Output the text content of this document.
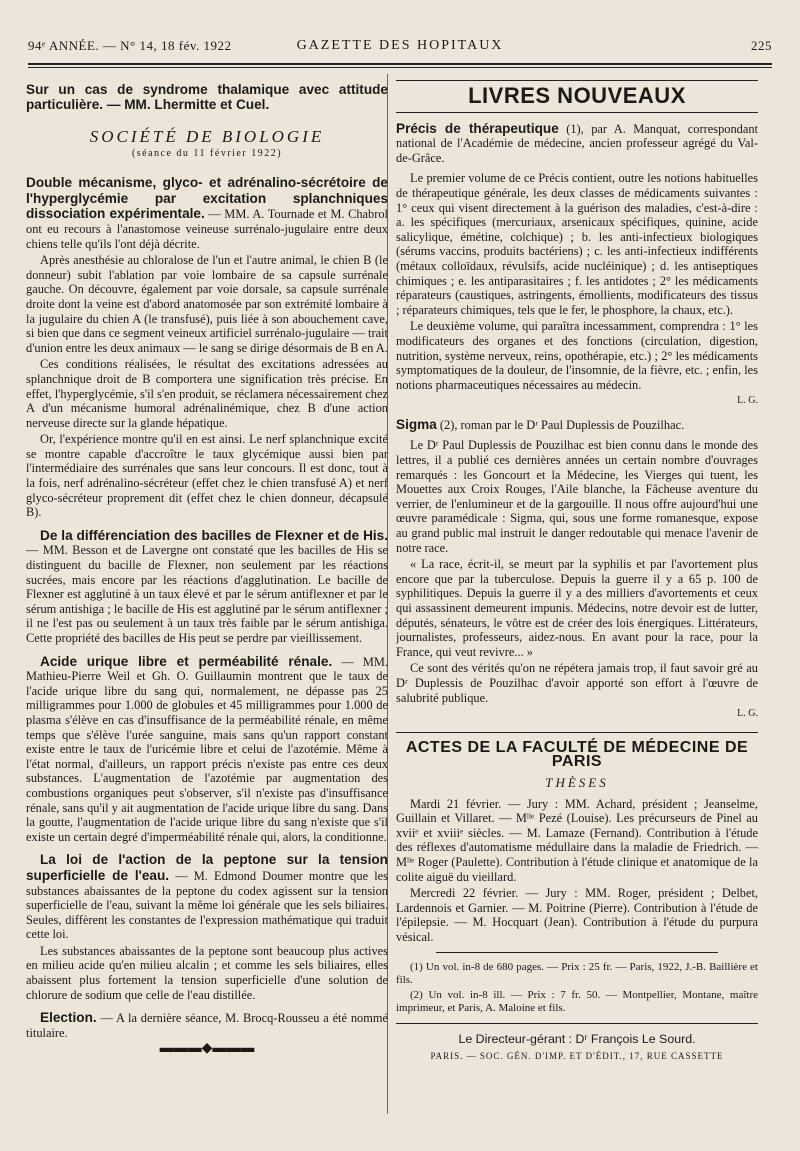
94ᵉ ANNÉE. — N° 14, 18 fév. 1922	GAZETTE DES HOPITAUX	225

Sur un cas de syndrome thalamique avec attitude particulière. — MM. Lhermitte et Cuel.

SOCIÉTÉ DE BIOLOGIE

(séance du 11 février 1922)

Double mécanisme, glyco- et adrénalino-sécrétoire de l'hyperglycémie par excitation splanchniques dissociation expérimentale. — MM. A. Tournade et M. Chabrol ont eu recours à l'anastomose veineuse surrénalo-jugulaire entre deux chiens telle qu'ils l'ont déjà décrite.

Après anesthésie au chloralose de l'un et l'autre animal, le chien B (le donneur) subit l'ablation par voie lombaire de sa capsule surrénale gauche. On découvre, également par voie dorsale, sa capsule surrénale droite dont la veine est d'abord anatomosée par son extrémité lombaire à la jugulaire du chien A (le transfusé), puis liée à son abouchement cave, si bien que dans ce segment veineux artificiel surrénalo-jugulaire — trait d'union entre les deux animaux — le sang se dirige désormais de B en A.

Ces conditions réalisées, le résultat des excitations adressées au splanchnique droit de B comportera une signification très précise. En effet, l'hyperglycémie, s'il s'en produit, se réclamera nécessairement chez A d'un mécanisme humoral adrénalinémique, chez B d'une action nerveuse directe sur la glande hépatique.

Or, l'expérience montre qu'il en est ainsi. Le nerf splanchnique excité se montre capable d'accroître le taux glycémique aussi bien par l'intermédiaire des surrénales que sans leur concours. Il est donc, tout à la fois, nerf adrénalino-sécréteur (effet chez le chien transfusé A) et nerf glyco-sécréteur proprement dit (effet chez le chien donneur, décapsulé B).

De la différenciation des bacilles de Flexner et de His. — MM. Besson et de Lavergne ont constaté que les bacilles de His se distinguent du bacille de Flexner, non seulement par les réactions sucrées, mais encore par les réactions d'agglutination. Le bacille de Flexner est agglutiné à un taux élevé et par le sérum antiflexner et par le sérum antishiga ; le bacille de His est agglutiné par le sérum antiflexner ; il ne l'est pas ou seulement à un taux très faible par le sérum antishiga. Cette propriété des bacilles de His peut se perdre par vieillissement.

Acide urique libre et perméabilité rénale. — MM. Mathieu-Pierre Weil et Gh. O. Guillaumin montrent que le taux de l'acide urique libre du sang qui, normalement, ne dépasse pas 25 milligrammes pour 1.000 de globules et 45 milligrammes pour 1.000 de plasma s'élève en cas d'insuffisance de la perméabilité rénale, en même temps que s'élève l'urée sanguine, mais sans qu'un rapport constant existe entre le taux de l'uricémie libre et celui de l'azotémie. Même à l'état normal, d'ailleurs, un rapport précis n'existe pas entre ces deux substances. L'augmentation de l'azotémie par augmentation des combustions organiques peut s'observer, s'il n'existe pas d'insuffisance rénale, sans qu'il y ait augmentation de l'acide urique libre du sang. Dans la goutte, l'augmentation de l'acide urique libre du sang n'existe que s'il existe un certain degré d'imperméabilité rénale qui, alors, la conditionne.

La loi de l'action de la peptone sur la tension superficielle de l'eau. — M. Edmond Doumer montre que les substances abaissantes de la peptone du codex agissent sur la tension superficielle de l'eau, suivant la même loi générale que les sels biliaires. Seules, diffèrent les constantes de l'expression mathématique qui traduit cette loi.

Les substances abaissantes de la peptone sont beaucoup plus actives en milieu acide qu'en milieu alcalin ; et comme les sels biliaires, elles abaissent plus fortement la tension superficielle d'une solution de chlorure de sodium que celle de l'eau distillée.

Election. — A la dernière séance, M. Brocq-Rousseu a été nommé titulaire.

▬▬▬◆▬▬▬
LIVRES NOUVEAUX

Précis de thérapeutique (1), par A. Manquat, correspondant national de l'Académie de médecine, ancien professeur agrégé du Val-de-Grâce.

Le premier volume de ce Précis contient, outre les notions habituelles de thérapeutique générale, les deux classes de médicaments suivantes : 1° ceux qui visent directement à la guérison des maladies, c'est-à-dire : a. les spécifiques (mercuriaux, arsenicaux spécifiques, quinine, acide salicylique, émétine, colchique) ; b. les anti-infectieux biologiques (sérums vaccins, produits bactériens) ; c. les anti-infectieux indifférents (métaux colloïdaux, révulsifs, acide nucléinique) ; d. les antiseptiques chimiques ; e. les antiparasitaires ; f. les antidotes ; 2° les médicaments réparateurs (caustiques, astringents, émollients, modificateurs des tissus ; réparateurs chimiques, tels que le fer, le phosphore, la chaux, etc.).

Le deuxième volume, qui paraîtra incessamment, comprendra : 1° les modificateurs des organes et des fonctions (circulation, digestion, nutrition, système nerveux, reins, opothérapie, etc.) ; 2° les médicaments symptomatiques de la douleur, de l'insomnie, de la fièvre, etc. ; enfin, les notions pharmaceutiques nécessaires au médecin.

L. G.

Sigma (2), roman par le Dʳ Paul Duplessis de Pouzilhac.

Le Dʳ Paul Duplessis de Pouzilhac est bien connu dans le monde des lettres, il a publié ces dernières années un certain nombre d'ouvrages remarqués : les Goncourt et la Médecine, les Vierges qui tuent, les Mouettes aux Croix Rouges, l'Aile blanche, la Fâcheuse aventure du verrier, de l'enlumineur et de la gargouille. Il nous offre aujourd'hui une œuvre paramédicale : Sigma, qui, sous une forme romanesque, expose au grand public mal instruit le danger redoutable qui menace l'avenir de notre race.

« La race, écrit-il, se meurt par la syphilis et par l'avortement plus encore que par la tuberculose. Depuis la guerre il y a 65 p. 100 de syphilitiques. Depuis la guerre il y a des milliers d'avortements et ceux qui assassinent demeurent impunis. Médecins, notre devoir est de lutter, députés, sénateurs, le vôtre est de créer des lois énergiques. Littérateurs, journalistes, professeurs, aidez-nous. En avant pour la race, pour la France, qui veut revivre... »

Ce sont des vérités qu'on ne répétera jamais trop, il faut savoir gré au Dʳ Duplessis de Pouzilhac d'avoir apporté son effort à l'œuvre de salubrité publique.

L. G.
ACTES DE LA FACULTÉ DE MÉDECINE DE PARIS

THÈSES

Mardi 21 février. — Jury : MM. Achard, président ; Jeanselme, Guillain et Villaret. — Mˡˡᵉ Pezé (Louise). Les précurseurs de Pinel au xviiᵉ et xviiiᵉ siècles. — M. Lamaze (Fernand). Contribution à l'étude des réflexes d'automatisme médullaire dans la maladie de Friedrich. — Mˡˡᵉ Roger (Paulette). Contribution à l'étude clinique et anatomique de la colite aiguë du vieillard.

Mercredi 22 février. — Jury : MM. Roger, président ; Delbet, Lardennois et Garnier. — M. Poitrine (Pierre). Contribution à l'étude de l'épilepsie. — M. Hocquart (Jean). Contribution à l'étude du purpura vésical.

(1) Un vol. in-8 de 680 pages. — Prix : 25 fr. — Paris, 1922, J.-B. Baillière et fils.

(2) Un vol. in-8 ill. — Prix : 7 fr. 50. — Montpellier, Montane, maître imprimeur, et Paris, A. Maloine et fils.

Le Directeur-gérant : Dʳ François Le Sourd.

PARIS. — SOC. GÉN. D'IMP. ET D'ÉDIT., 17, RUE CASSETTE
